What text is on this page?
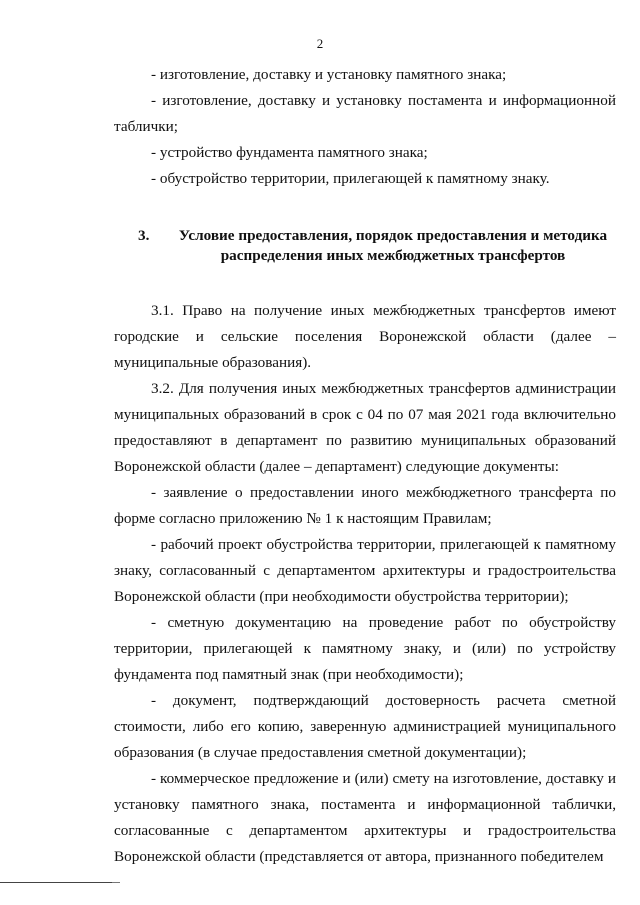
2

- изготовление, доставку и установку памятного знака;

- изготовление, доставку и установку постамента и информационной таблички;

- устройство фундамента памятного знака;

- обустройство территории, прилегающей к памятному знаку.

3.	Условие предоставления, порядок предоставления и методика
распределения иных межбюджетных трансфертов

3.1. Право на получение иных межбюджетных трансфертов имеют городские и сельские поселения Воронежской области (далее – муниципальные образования).

3.2. Для получения иных межбюджетных трансфертов администрации муниципальных образований в срок с 04 по 07 мая 2021 года включительно предоставляют в департамент по развитию муниципальных образований Воронежской области (далее – департамент) следующие документы:

- заявление о предоставлении иного межбюджетного трансферта по форме согласно приложению № 1 к настоящим Правилам;

- рабочий проект обустройства территории, прилегающей к памятному знаку, согласованный с департаментом архитектуры и градостроительства Воронежской области (при необходимости обустройства территории);

- сметную документацию на проведение работ по обустройству территории, прилегающей к памятному знаку, и (или) по устройству фундамента под памятный знак (при необходимости);

- документ, подтверждающий достоверность расчета сметной стоимости, либо его копию, заверенную администрацией муниципального образования (в случае предоставления сметной документации);

- коммерческое предложение и (или) смету на изготовление, доставку и установку памятного знака, постамента и информационной таблички, согласованные с департаментом архитектуры и градостроительства Воронежской области (представляется от автора, признанного победителем
